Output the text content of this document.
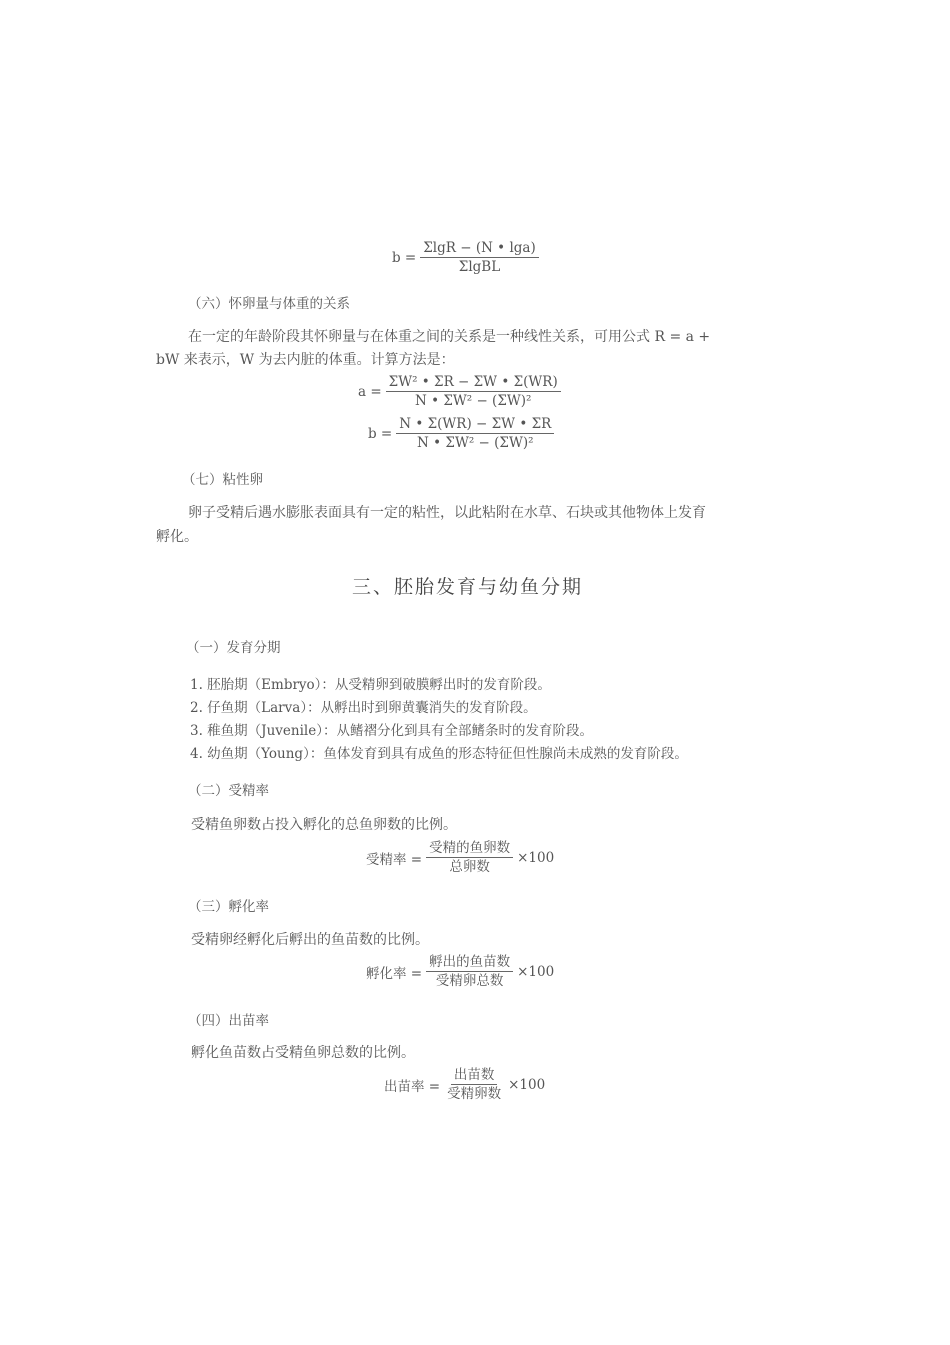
$b = \frac{\Sigma\lg R - (N • \lg a)}{\text{ΣlgBL}}$
（六）怀卵量与体重的关系
在一定的年龄阶段其怀卵量与在体重之间的关系是一种线性关系，可用公式 R = a +
bW 来表示，W 为去内脏的体重。计算方法是：
$a = \frac{\text{ΣW² • ΣR − ΣW • Σ(WR)}}{\text{N • ΣW² − (ΣW)²}}$
$b = \frac{N • \Sigma(WR) - \Sigma W • \Sigma R}{\text{N • ΣW² − (ΣW)²}}$
（七）粘性卵
卵子受精后遇水膨胀表面具有一定的粘性，以此粘附在水草、石块或其他物体上发育
孵化。
三、胚胎发育与幼鱼分期
（一）发育分期
1. 胚胎期（Embryo）：从受精卵到破膜孵出时的发育阶段。
2. 仔鱼期（Larva）：从孵出时到卵黄囊消失的发育阶段。
3. 稚鱼期（Juvenile）：从鳍褶分化到具有全部鳍条时的发育阶段。
4. 幼鱼期（Young）：鱼体发育到具有成鱼的形态特征但性腺尚未成熟的发育阶段。
（二）受精率
受精鱼卵数占投入孵化的总鱼卵数的比例。
受精率 = $\frac{\text{受精的鱼卵数}}{\text{总卵数}} \times 100$
（三）孵化率
受精卵经孵化后孵出的鱼苗数的比例。
孵化率 = $\frac{\text{孵出的鱼苗数}}{\text{受精卵总数}} \times 100$
（四）出苗率
孵化鱼苗数占受精鱼卵总数的比例。
出苗率 = $\frac{\text{出苗数}}{\text{受精卵数}} \times 100$
